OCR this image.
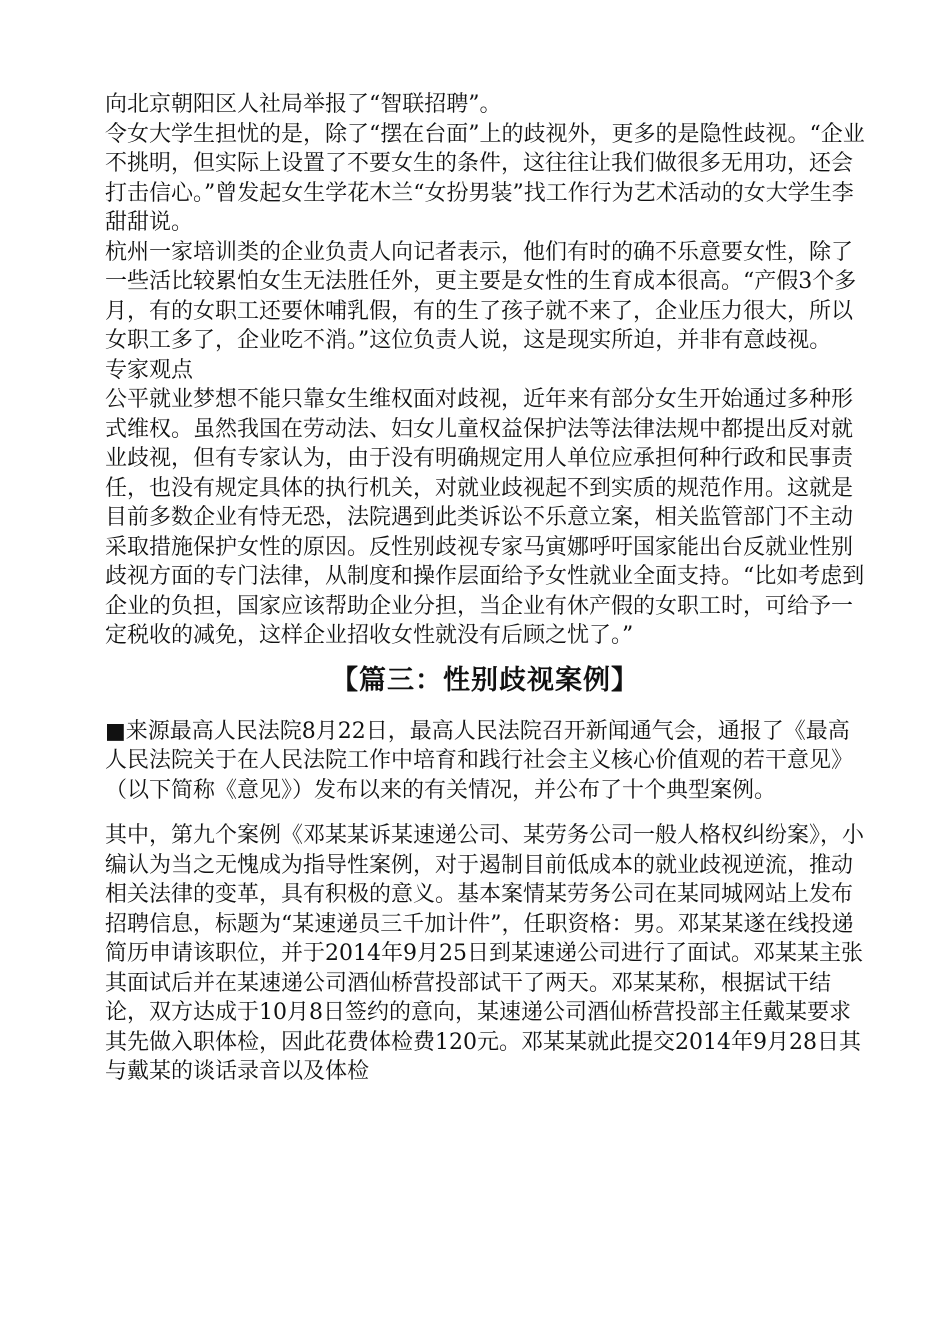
向北京朝阳区人社局举报了“智联招聘”。

令女大学生担忧的是，除了“摆在台面”上的歧视外，更多的是隐性歧视。“企业不挑明，但实际上设置了不要女生的条件，这往往让我们做很多无用功，还会打击信心。”曾发起女生学花木兰“女扮男装”找工作行为艺术活动的女大学生李甜甜说。

杭州一家培训类的企业负责人向记者表示，他们有时的确不乐意要女性，除了一些活比较累怕女生无法胜任外，更主要是女性的生育成本很高。“产假3个多月，有的女职工还要休哺乳假，有的生了孩子就不来了，企业压力很大，所以女职工多了，企业吃不消。”这位负责人说，这是现实所迫，并非有意歧视。

专家观点

公平就业梦想不能只靠女生维权面对歧视，近年来有部分女生开始通过多种形式维权。虽然我国在劳动法、妇女儿童权益保护法等法律法规中都提出反对就业歧视，但有专家认为，由于没有明确规定用人单位应承担何种行政和民事责任，也没有规定具体的执行机关，对就业歧视起不到实质的规范作用。这就是目前多数企业有恃无恐，法院遇到此类诉讼不乐意立案，相关监管部门不主动采取措施保护女性的原因。反性别歧视专家马寅娜呼吁国家能出台反就业性别歧视方面的专门法律，从制度和操作层面给予女性就业全面支持。“比如考虑到企业的负担，国家应该帮助企业分担，当企业有休产假的女职工时，可给予一定税收的减免，这样企业招收女性就没有后顾之忧了。”

【篇三：性别歧视案例】

■来源最高人民法院8月22日，最高人民法院召开新闻通气会，通报了《最高人民法院关于在人民法院工作中培育和践行社会主义核心价值观的若干意见》（以下简称《意见》）发布以来的有关情况，并公布了十个典型案例。

其中，第九个案例《邓某某诉某速递公司、某劳务公司一般人格权纠纷案》，小编认为当之无愧成为指导性案例，对于遏制目前低成本的就业歧视逆流，推动相关法律的变革，具有积极的意义。基本案情某劳务公司在某同城网站上发布招聘信息，标题为“某速递员三千加计件”，任职资格：男。邓某某遂在线投递简历申请该职位，并于2014年9月25日到某速递公司进行了面试。邓某某主张其面试后并在某速递公司酒仙桥营投部试干了两天。邓某某称，根据试干结论，双方达成于10月8日签约的意向，某速递公司酒仙桥营投部主任戴某要求其先做入职体检，因此花费体检费120元。邓某某就此提交2014年9月28日其与戴某的谈话录音以及体检
